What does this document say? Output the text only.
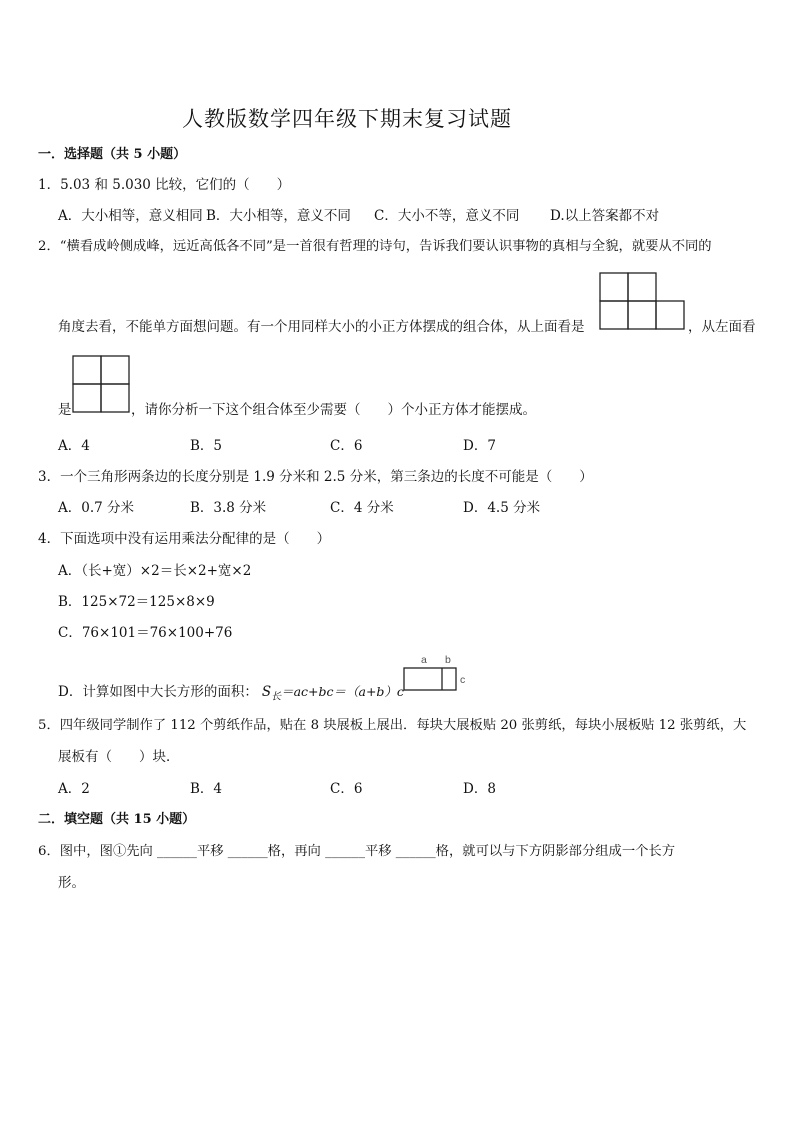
人教版数学四年级下期末复习试题
一．选择题（共 5 小题）
1．5.03 和 5.030 比较，它们的（　　）
A．大小相等，意义相同 B．大小相等，意义不同 C．大小不等，意义不同 D.以上答案都不对
2．“横看成岭侧成峰，远近高低各不同”是一首很有哲理的诗句，告诉我们要认识事物的真相与全貌，就要从不同的
角度去看，不能单方面想问题。有一个用同样大小的小正方体摆成的组合体，从上面看是	，从左面看
是	，请你分析一下这个组合体至少需要（　　）个小正方体才能摆成。
A．4	B．5	C．6	D．7
3．一个三角形两条边的长度分别是 1.9 分米和 2.5 分米，第三条边的长度不可能是（　　）
A．0.7 分米	B．3.8 分米	C．4 分米	D．4.5 分米
4．下面选项中没有运用乘法分配律的是（　　）
A．（长+宽）×2＝长×2+宽×2
B．125×72＝125×8×9
C．76×101＝76×100+76
D．计算如图中大长方形的面积： $S_长=ac+bc=(a+b)c$
a b
c
5．四年级同学制作了 112 个剪纸作品，贴在 8 块展板上展出．每块大展板贴 20 张剪纸，每块小展板贴 12 张剪纸，大
展板有（　　）块．
A．2	B．4	C．6	D．8
二．填空题（共 15 小题）
6．图中，图①先向 ______平移 ______格，再向 ______平移 ______格，就可以与下方阴影部分组成一个长方
形。
